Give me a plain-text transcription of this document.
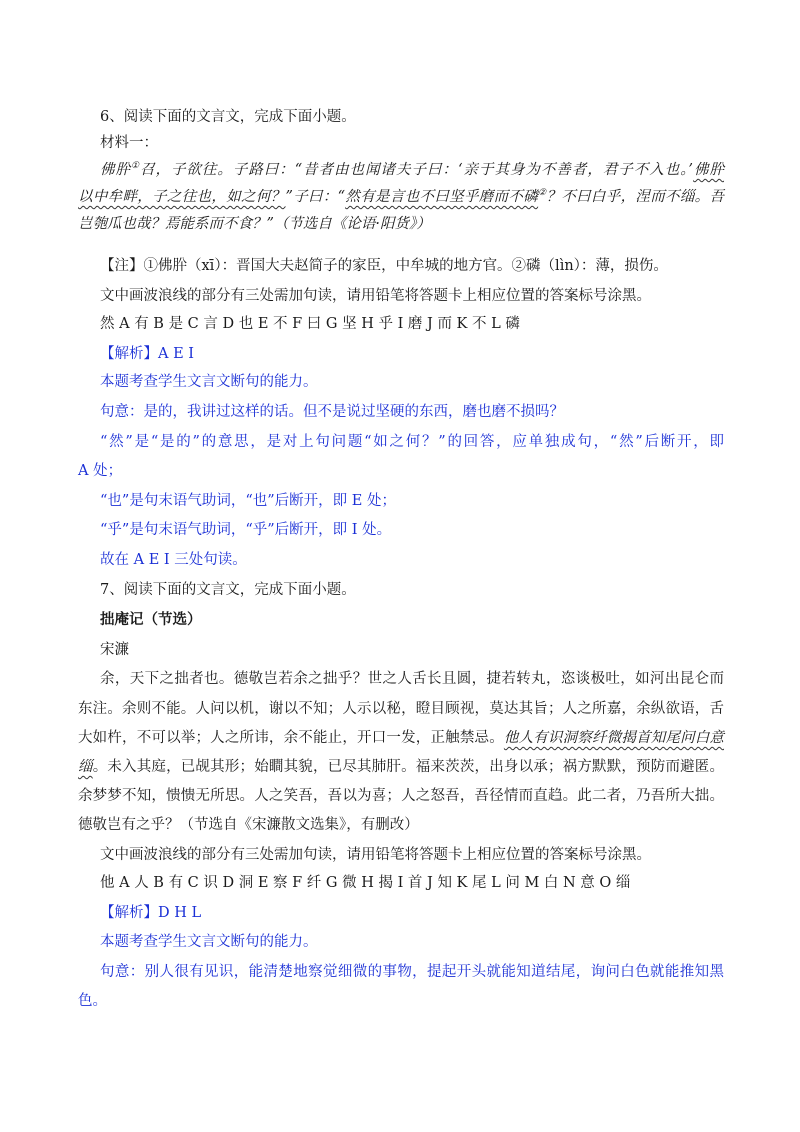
6、阅读下面的文言文，完成下面小题。
材料一：
佛肸①召，子欲往。子路曰：“昔者由也闻诸夫子曰：‘亲于其身为不善者，君子不入也。’佛肸
以中牟畔，子之往也，如之何？”子曰：“然有是言也不曰坚乎磨而不磷②？不曰白乎，涅而不缁。吾
岂匏瓜也哉？焉能系而不食？”（节选自《论语·阳货》）
【注】①佛肸（xī）：晋国大夫赵简子的家臣，中牟城的地方官。②磷（lìn）：薄，损伤。
文中画波浪线的部分有三处需加句读，请用铅笔将答题卡上相应位置的答案标号涂黑。
然 A 有 B 是 C 言 D 也 E 不 F 曰 G 坚 H 乎 I 磨 J 而 K 不 L 磷
【解析】A E I
本题考查学生文言文断句的能力。
句意：是的，我讲过这样的话。但不是说过坚硬的东西，磨也磨不损吗？
“然”是“是的”的意思，是对上句问题“如之何？”的回答，应单独成句，“然”后断开，即
A 处；
“也”是句末语气助词，“也”后断开，即 E 处；
“乎”是句末语气助词，“乎”后断开，即 I 处。
故在 A E I 三处句读。
7、阅读下面的文言文，完成下面小题。
拙庵记（节选）
宋濂
余，天下之拙者也。德敬岂若余之拙乎？世之人舌长且圆，捷若转丸，恣谈极吐，如河出昆仑而
东注。余则不能。人问以机，谢以不知；人示以秘，瞪目顾视，莫达其旨；人之所嘉，余纵欲语，舌
大如杵，不可以举；人之所讳，余不能止，开口一发，正触禁忌。他人有识洞察纤微揭首知尾问白意
缁。未入其庭，已觇其形；始瞷其貌，已尽其肺肝。福来茨茨，出身以承；祸方默默，预防而避匿。
余梦梦不知，愦愦无所思。人之笑吾，吾以为喜；人之怒吾，吾径情而直趋。此二者，乃吾所大拙。
德敬岂有之乎？（节选自《宋濂散文选集》，有删改）
文中画波浪线的部分有三处需加句读，请用铅笔将答题卡上相应位置的答案标号涂黑。
他 A 人 B 有 C 识 D 洞 E 察 F 纤 G 微 H 揭 I 首 J 知 K 尾 L 问 M 白 N 意 O 缁
【解析】D H L
本题考查学生文言文断句的能力。
句意：别人很有见识，能清楚地察觉细微的事物，提起开头就能知道结尾，询问白色就能推知黑
色。
